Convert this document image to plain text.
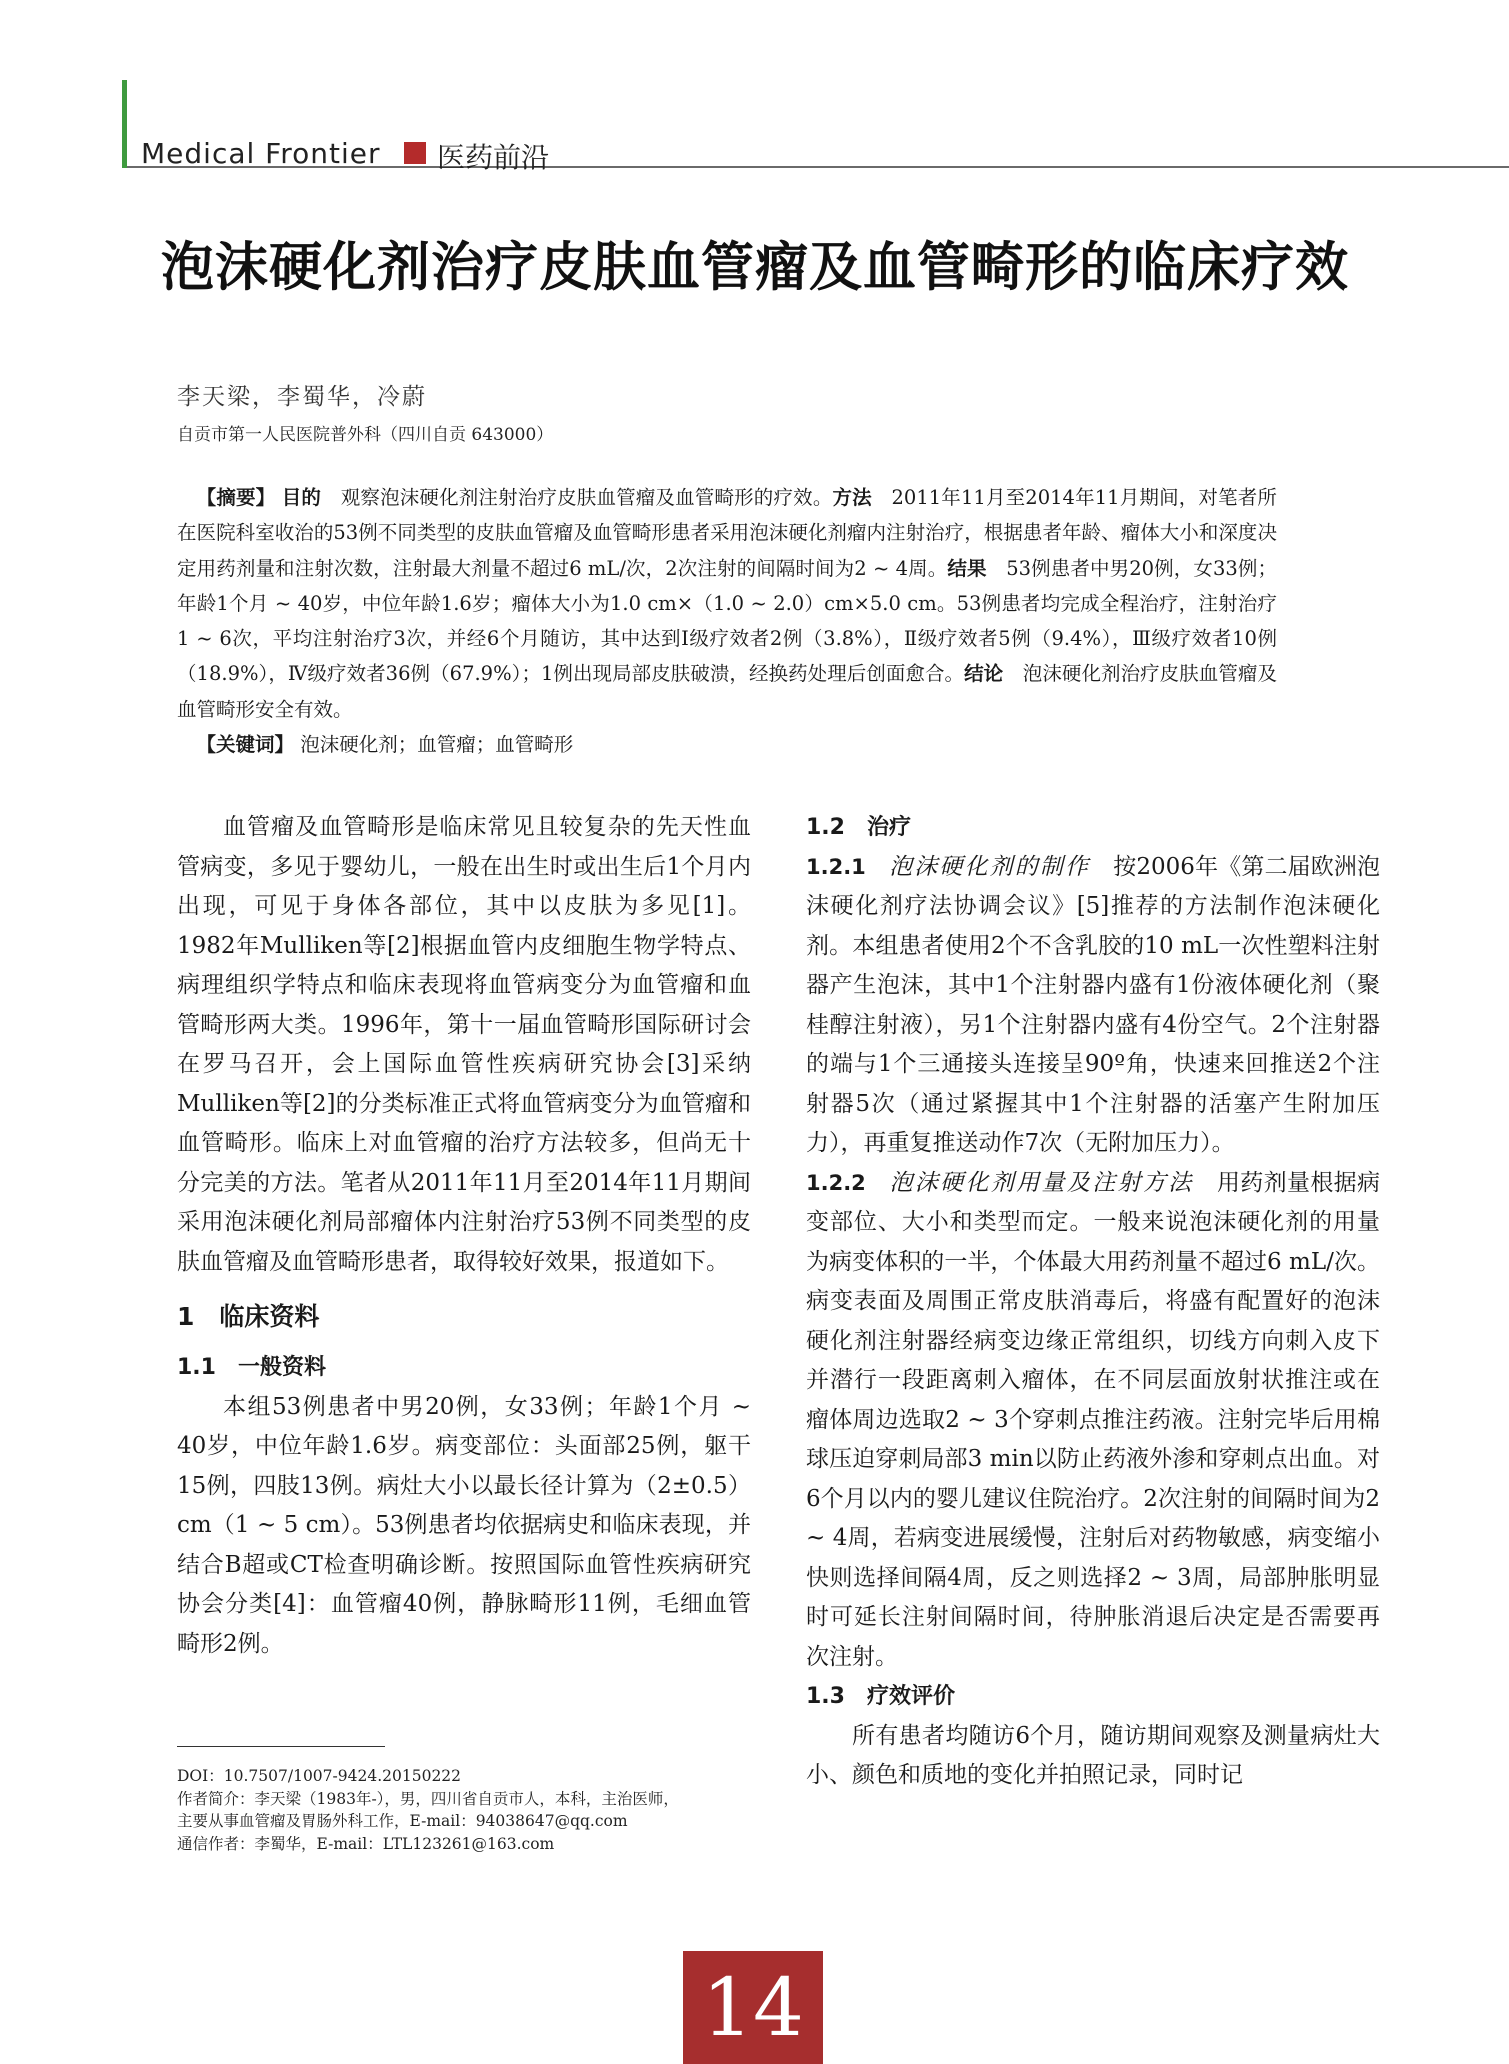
Medical Frontier 医药前沿
泡沫硬化剂治疗皮肤血管瘤及血管畸形的临床疗效
李天梁，李蜀华，冷蔚
自贡市第一人民医院普外科（四川自贡 643000）

【摘要】 目的　 观察泡沫硬化剂注射治疗皮肤血管瘤及血管畸形的疗效。方法　 2011年11月至2014年11月期间，对笔者所在医院科室收治的53例不同类型的皮肤血管瘤及血管畸形患者采用泡沫硬化剂瘤内注射治疗，根据患者年龄、瘤体大小和深度决定用药剂量和注射次数，注射最大剂量不超过6 mL/次，2次注射的间隔时间为2 ~ 4周。结果　 53例患者中男20例，女33例；年龄1个月 ~ 40岁，中位年龄1.6岁；瘤体大小为1.0 cm×（1.0 ~ 2.0）cm×5.0 cm。53例患者均完成全程治疗，注射治疗1 ~ 6次，平均注射治疗3次，并经6个月随访，其中达到Ⅰ级疗效者2例（3.8%），Ⅱ级疗效者5例（9.4%），Ⅲ级疗效者10例（18.9%），Ⅳ级疗效者36例（67.9%）；1例出现局部皮肤破溃，经换药处理后创面愈合。结论　 泡沫硬化剂治疗皮肤血管瘤及血管畸形安全有效。

【关键词】 泡沫硬化剂；血管瘤；血管畸形

血管瘤及血管畸形是临床常见且较复杂的先天性血管病变，多见于婴幼儿，一般在出生时或出生后1个月内出现，可见于身体各部位，其中以皮肤为多见[1]。1982年Mulliken等[2]根据血管内皮细胞生物学特点、病理组织学特点和临床表现将血管病变分为血管瘤和血管畸形两大类。1996年，第十一届血管畸形国际研讨会在罗马召开，会上国际血管性疾病研究协会[3]采纳Mulliken等[2]的分类标准正式将血管病变分为血管瘤和血管畸形。临床上对血管瘤的治疗方法较多，但尚无十分完美的方法。笔者从2011年11月至2014年11月期间采用泡沫硬化剂局部瘤体内注射治疗53例不同类型的皮肤血管瘤及血管畸形患者，取得较好效果，报道如下。

1　 临床资料
1.1　 一般资料

本组53例患者中男20例，女33例；年龄1个月 ~ 40岁，中位年龄1.6岁。病变部位：头面部25例，躯干15例，四肢13例。病灶大小以最长径计算为（2±0.5）cm（1 ~ 5 cm）。53例患者均依据病史和临床表现，并结合B超或CT检查明确诊断。按照国际血管性疾病研究协会分类[4]：血管瘤40例，静脉畸形11例，毛细血管畸形2例。

1.2　 治疗

1.2.1　 泡沫硬化剂的制作　 按2006年《第二届欧洲泡沫硬化剂疗法协调会议》[5]推荐的方法制作泡沫硬化剂。本组患者使用2个不含乳胶的10 mL一次性塑料注射器产生泡沫，其中1个注射器内盛有1份液体硬化剂（聚桂醇注射液），另1个注射器内盛有4份空气。2个注射器的端与1个三通接头连接呈90º角，快速来回推送2个注射器5次（通过紧握其中1个注射器的活塞产生附加压力），再重复推送动作7次（无附加压力）。

1.2.2　 泡沫硬化剂用量及注射方法　 用药剂量根据病变部位、大小和类型而定。一般来说泡沫硬化剂的用量为病变体积的一半，个体最大用药剂量不超过6 mL/次。病变表面及周围正常皮肤消毒后，将盛有配置好的泡沫硬化剂注射器经病变边缘正常组织，切线方向刺入皮下并潜行一段距离刺入瘤体，在不同层面放射状推注或在瘤体周边选取2 ~ 3个穿刺点推注药液。注射完毕后用棉球压迫穿刺局部3 min以防止药液外渗和穿刺点出血。对6个月以内的婴儿建议住院治疗。2次注射的间隔时间为2 ~ 4周，若病变进展缓慢，注射后对药物敏感，病变缩小快则选择间隔4周，反之则选择2 ~ 3周，局部肿胀明显时可延长注射间隔时间，待肿胀消退后决定是否需要再次注射。

1.3　 疗效评价

所有患者均随访6个月，随访期间观察及测量病灶大小、颜色和质地的变化并拍照记录，同时记

DOI：10.7507/1007-9424.20150222

作者简介：李天梁（1983年-），男，四川省自贡市人，本科，主治医师，

主要从事血管瘤及胃肠外科工作，E-mail：94038647@qq.com

通信作者：李蜀华，E-mail：LTL123261@163.com

14
